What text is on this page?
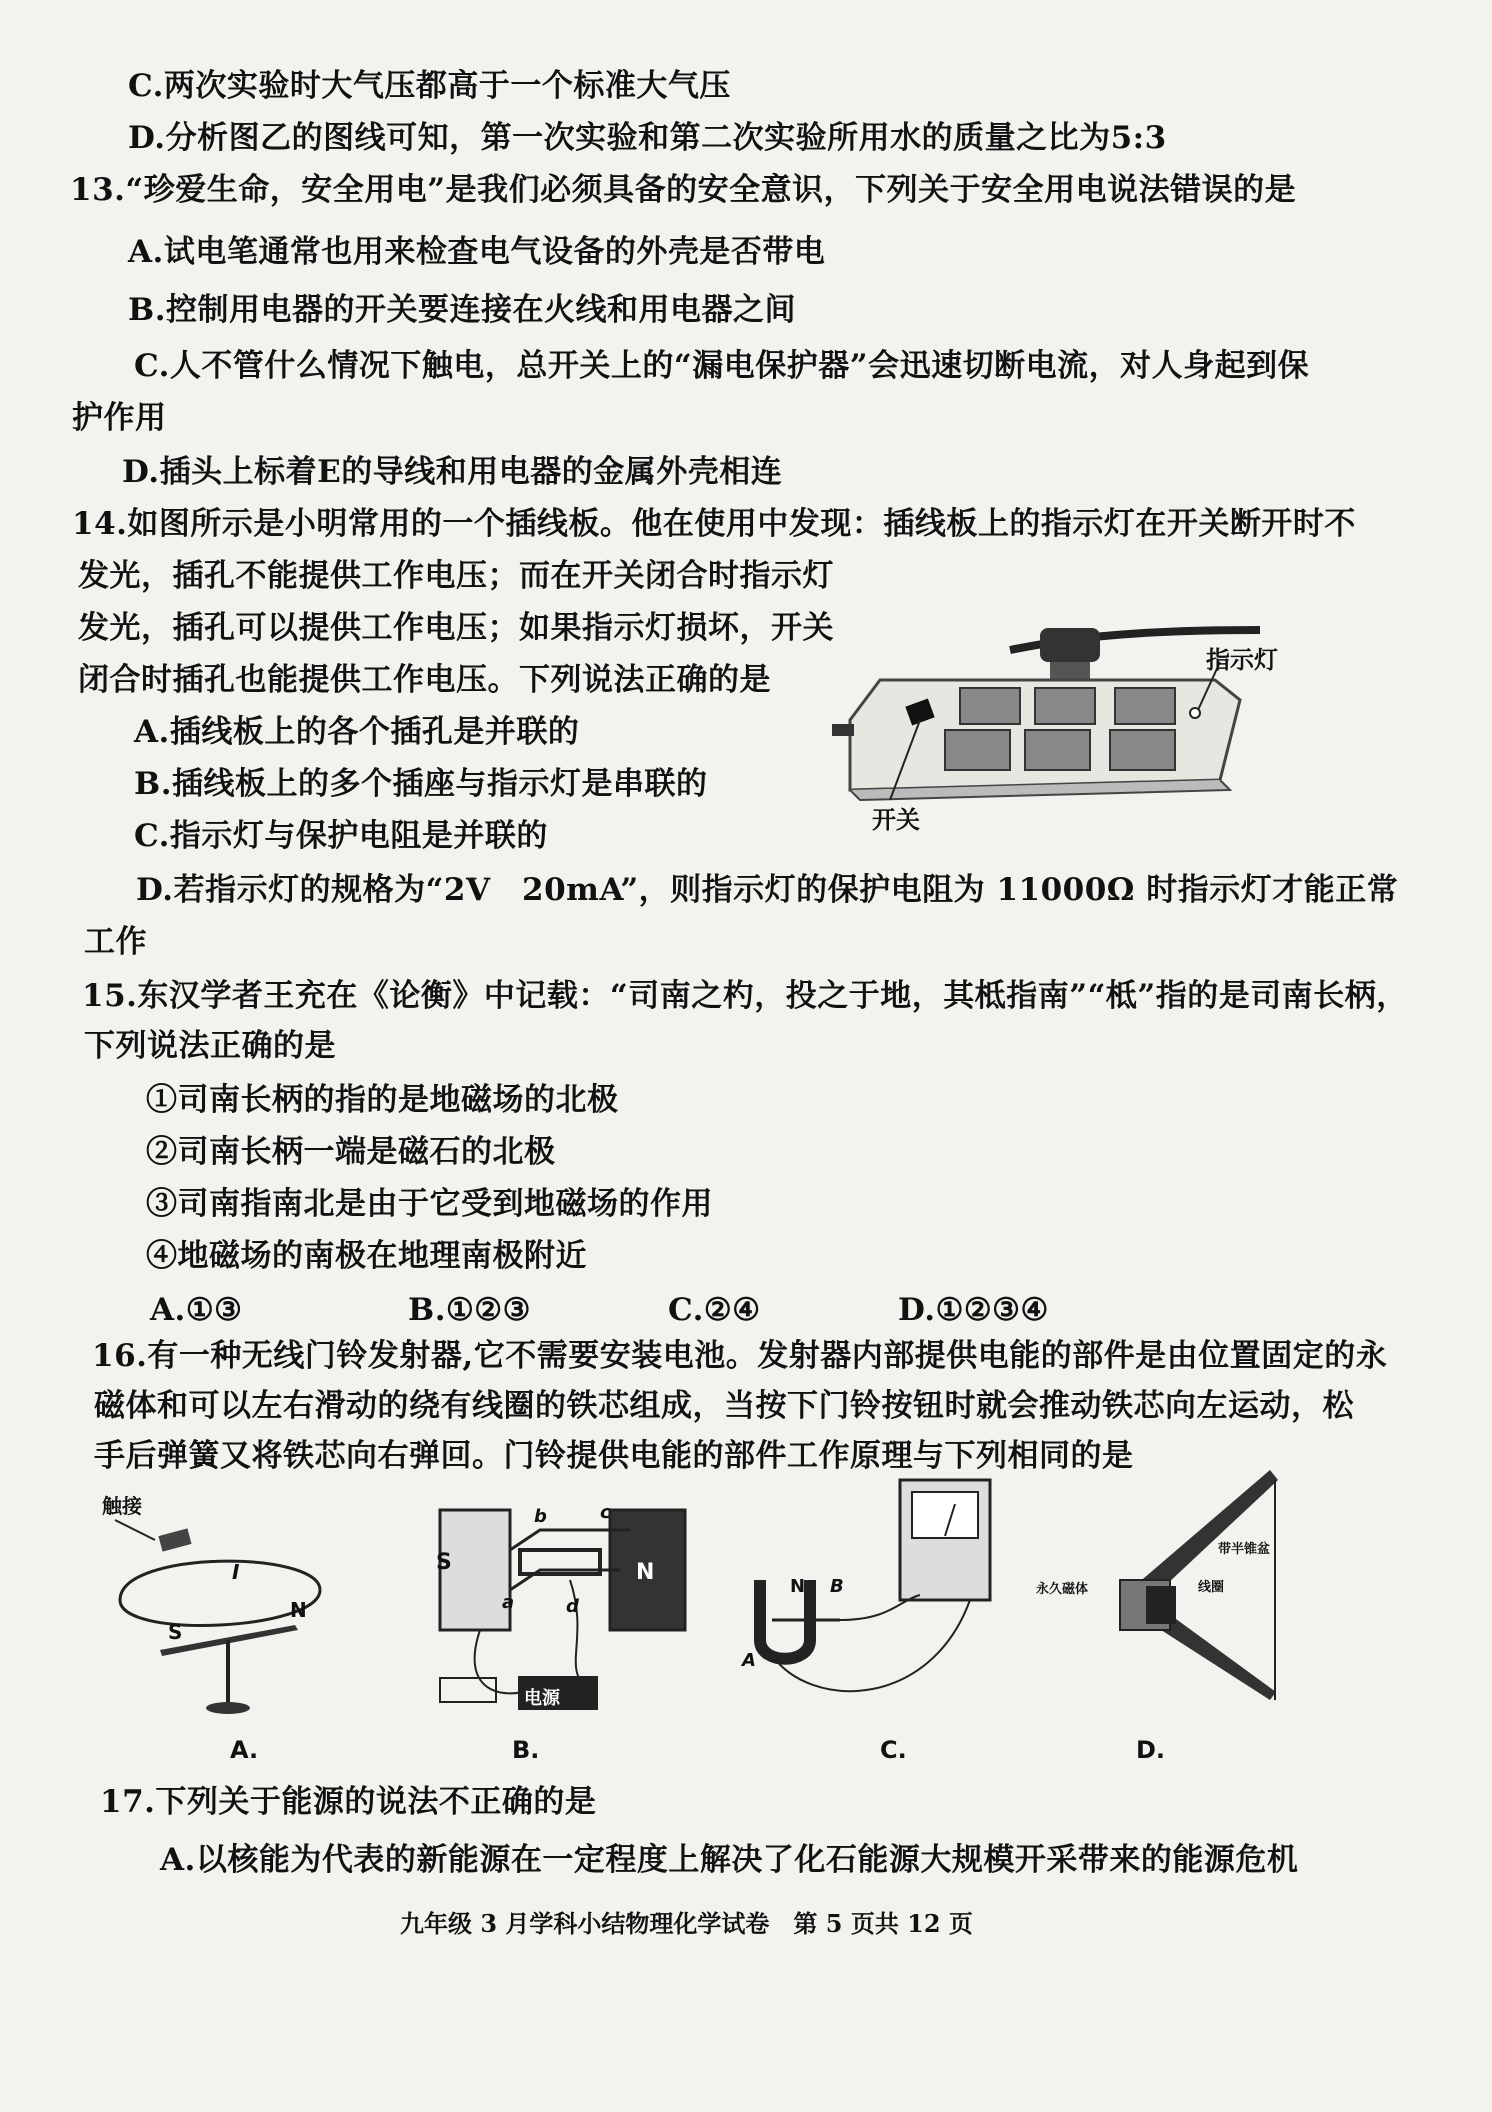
C.两次实验时大气压都高于一个标准大气压
D.分析图乙的图线可知，第一次实验和第二次实验所用水的质量之比为5:3
13.“珍爱生命，安全用电”是我们必须具备的安全意识，下列关于安全用电说法错误的是
A.试电笔通常也用来检查电气设备的外壳是否带电
B.控制用电器的开关要连接在火线和用电器之间
C.人不管什么情况下触电，总开关上的“漏电保护器”会迅速切断电流，对人身起到保
护作用
D.插头上标着E的导线和用电器的金属外壳相连
14.如图所示是小明常用的一个插线板。他在使用中发现：插线板上的指示灯在开关断开时不
发光，插孔不能提供工作电压；而在开关闭合时指示灯
发光，插孔可以提供工作电压；如果指示灯损坏，开关
闭合时插孔也能提供工作电压。下列说法正确的是
A.插线板上的各个插孔是并联的
B.插线板上的多个插座与指示灯是串联的
C.指示灯与保护电阻是并联的
D.若指示灯的规格为“2V　20mA”，则指示灯的保护电阻为 11000Ω 时指示灯才能正常
工作
指示灯
开关
15.东汉学者王充在《论衡》中记载：“司南之杓，投之于地，其柢指南”“柢”指的是司南长柄，
下列说法正确的是
①司南长柄的指的是地磁场的北极
②司南长柄一端是磁石的北极
③司南指南北是由于它受到地磁场的作用
④地磁场的南极在地理南极附近
A.①③	B.①②③	C.②④	D.①②③④
16.有一种无线门铃发射器,它不需要安装电池。发射器内部提供电能的部件是由位置固定的永
磁体和可以左右滑动的绕有线圈的铁芯组成，当按下门铃按钮时就会推动铁芯向左运动，松
手后弹簧又将铁芯向右弹回。门铃提供电能的部件工作原理与下列相同的是
触接
S
N
I
A.
S	N
a
b	c
d
电源
B.
N B
A
C.
永久磁体
带半锥盆
线圈
D.
17.下列关于能源的说法不正确的是
A.以核能为代表的新能源在一定程度上解决了化石能源大规模开采带来的能源危机
九年级 3 月学科小结物理化学试卷　第 5 页共 12 页
